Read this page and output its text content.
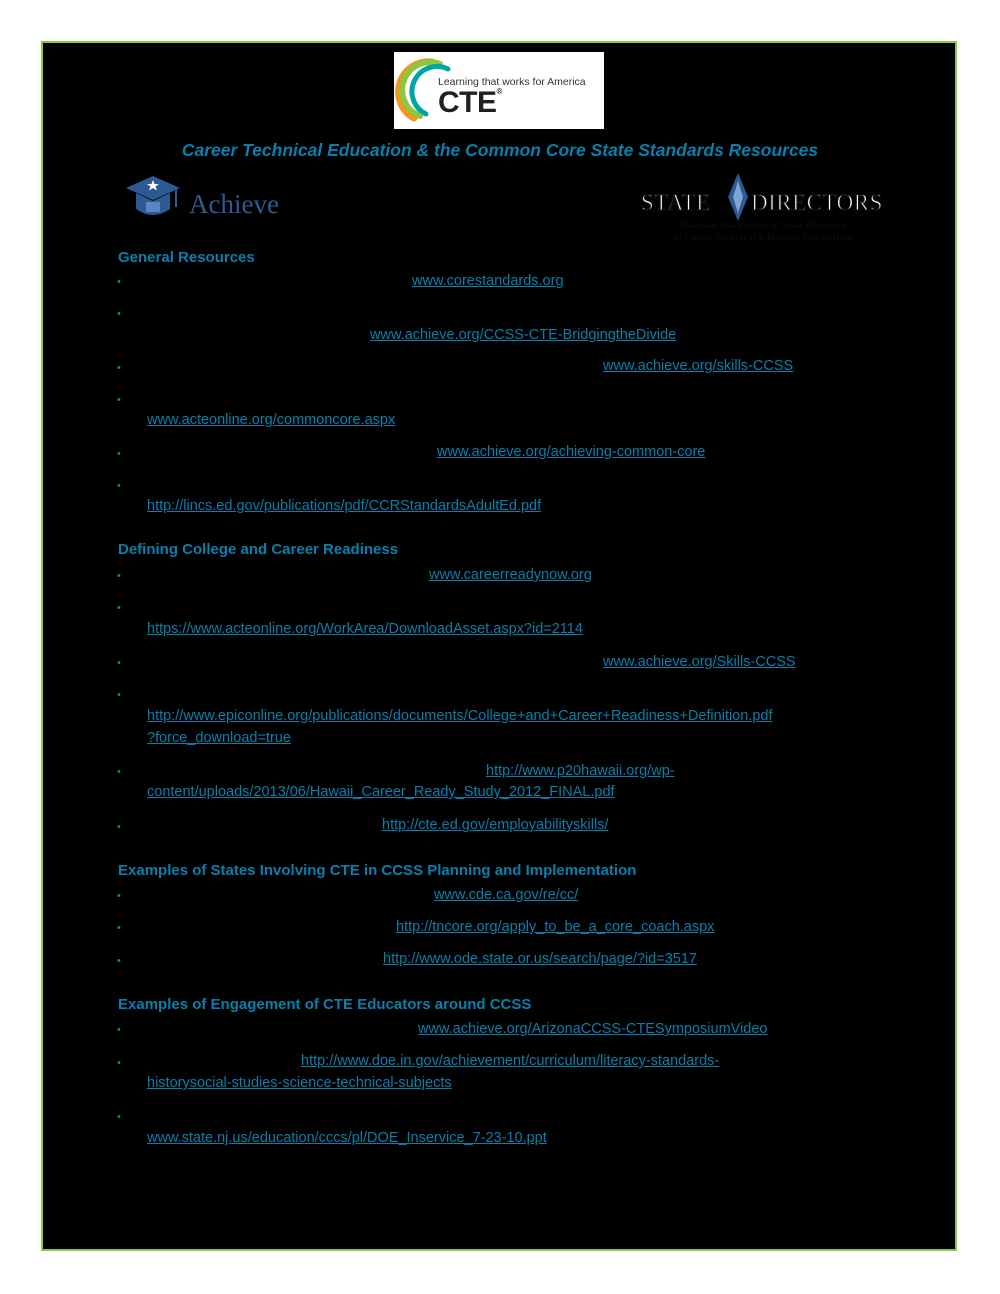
Learning that works for America
CTE®
Career Technical Education & the Common Core State Standards Resources
Achieve	STATE DIRECTORS
National Association of State Directors
of Career Technical Education Consortium
General Resources
•	www.corestandards.org
•
www.achieve.org/CCSS-CTE-BridgingtheDivide
•	www.achieve.org/skills-CCSS
•
www.acteonline.org/commoncore.aspx
•	www.achieve.org/achieving-common-core
•
http://lincs.ed.gov/publications/pdf/CCRStandardsAdultEd.pdf
Defining College and Career Readiness
•	www.careerreadynow.org
•
https://www.acteonline.org/WorkArea/DownloadAsset.aspx?id=2114
•	www.achieve.org/Skills-CCSS
•
http://www.epiconline.org/publications/documents/College+and+Career+Readiness+Definition.pdf
?force_download=true
•	http://www.p20hawaii.org/wp-
content/uploads/2013/06/Hawaii_Career_Ready_Study_2012_FINAL.pdf
•	http://cte.ed.gov/employabilityskills/
Examples of States Involving CTE in CCSS Planning and Implementation
•	www.cde.ca.gov/re/cc/
•	http://tncore.org/apply_to_be_a_core_coach.aspx
•	http://www.ode.state.or.us/search/page/?id=3517
Examples of Engagement of CTE Educators around CCSS
•	www.achieve.org/ArizonaCCSS-CTESymposiumVideo
•	http://www.doe.in.gov/achievement/curriculum/literacy-standards-
historysocial-studies-science-technical-subjects
•
www.state.nj.us/education/cccs/pl/DOE_Inservice_7-23-10.ppt
